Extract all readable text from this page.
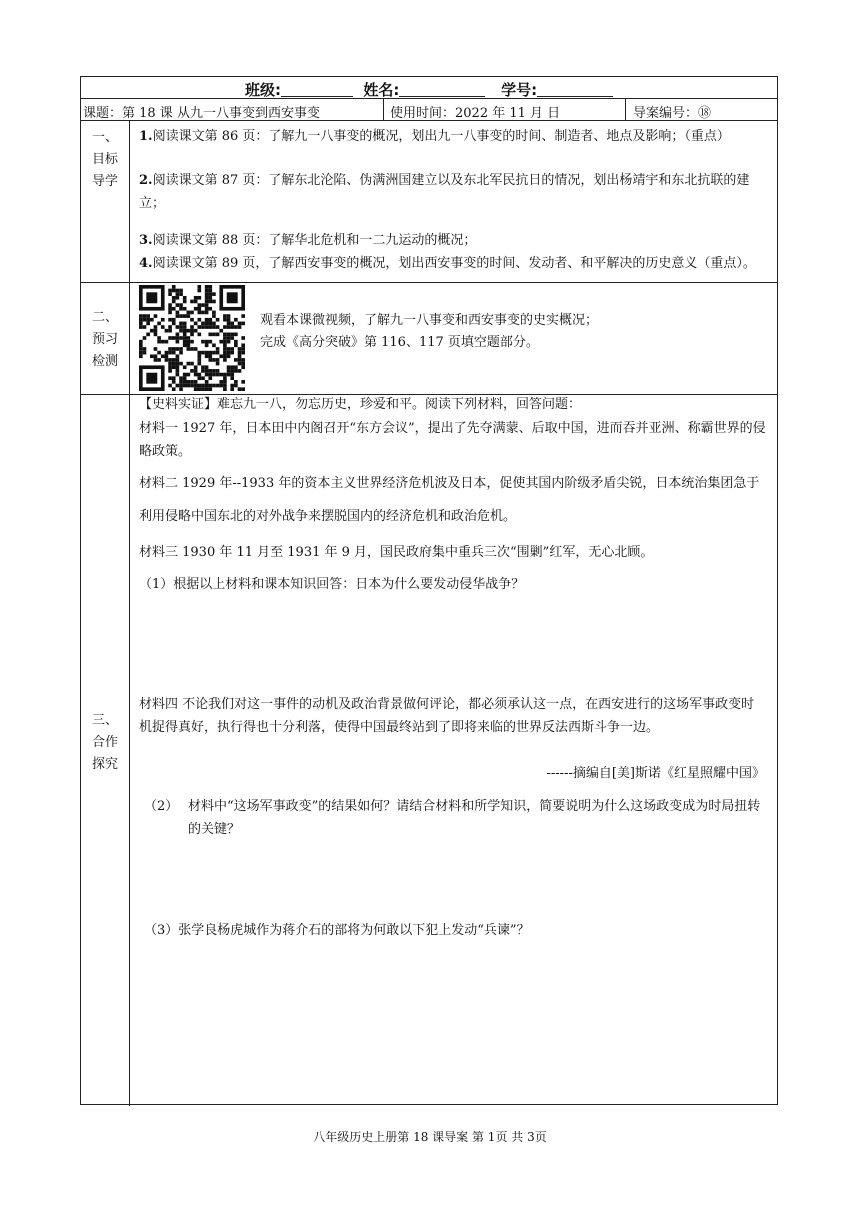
班级:	姓名:	学号:
课题：第 18 课 从九一八事变到西安事变	使用时间：2022 年 11 月 日	导案编号：⑱
一、
目标
导学
1.阅读课文第 86 页：了解九一八事变的概况，划出九一八事变的时间、制造者、地点及影响；（重点）
2.阅读课文第 87 页：了解东北沦陷、伪满洲国建立以及东北军民抗日的情况，划出杨靖宇和东北抗联的建立；
3.阅读课文第 88 页：了解华北危机和一二九运动的概况；
4.阅读课文第 89 页，了解西安事变的概况，划出西安事变的时间、发动者、和平解决的历史意义（重点）。
二、
预习
检测
观看本课微视频，了解九一八事变和西安事变的史实概况；
完成《高分突破》第 116、117 页填空题部分。
三、
合作
探究
【史料实证】难忘九一八，勿忘历史，珍爱和平。阅读下列材料，回答问题：
材料一 1927 年，日本田中内阁召开“东方会议”，提出了先夺满蒙、后取中国，进而吞并亚洲、称霸世界的侵略政策。
材料二 1929 年--1933 年的资本主义世界经济危机波及日本，促使其国内阶级矛盾尖锐，日本统治集团急于利用侵略中国东北的对外战争来摆脱国内的经济危机和政治危机。
材料三 1930 年 11 月至 1931 年 9 月，国民政府集中重兵三次“围剿”红军，无心北顾。
（1）根据以上材料和课本知识回答：日本为什么要发动侵华战争？
材料四 不论我们对这一事件的动机及政治背景做何评论，都必须承认这一点，在西安进行的这场军事政变时机捉得真好，执行得也十分利落，使得中国最终站到了即将来临的世界反法西斯斗争一边。
------摘编自[美]斯诺《红星照耀中国》
（2） 材料中“这场军事政变”的结果如何？请结合材料和所学知识，简要说明为什么这场政变成为时局扭转的关键？
（3）张学良杨虎城作为蒋介石的部将为何敢以下犯上发动“兵谏”？
八年级历史上册第 18 课导案 第 1页 共 3页
